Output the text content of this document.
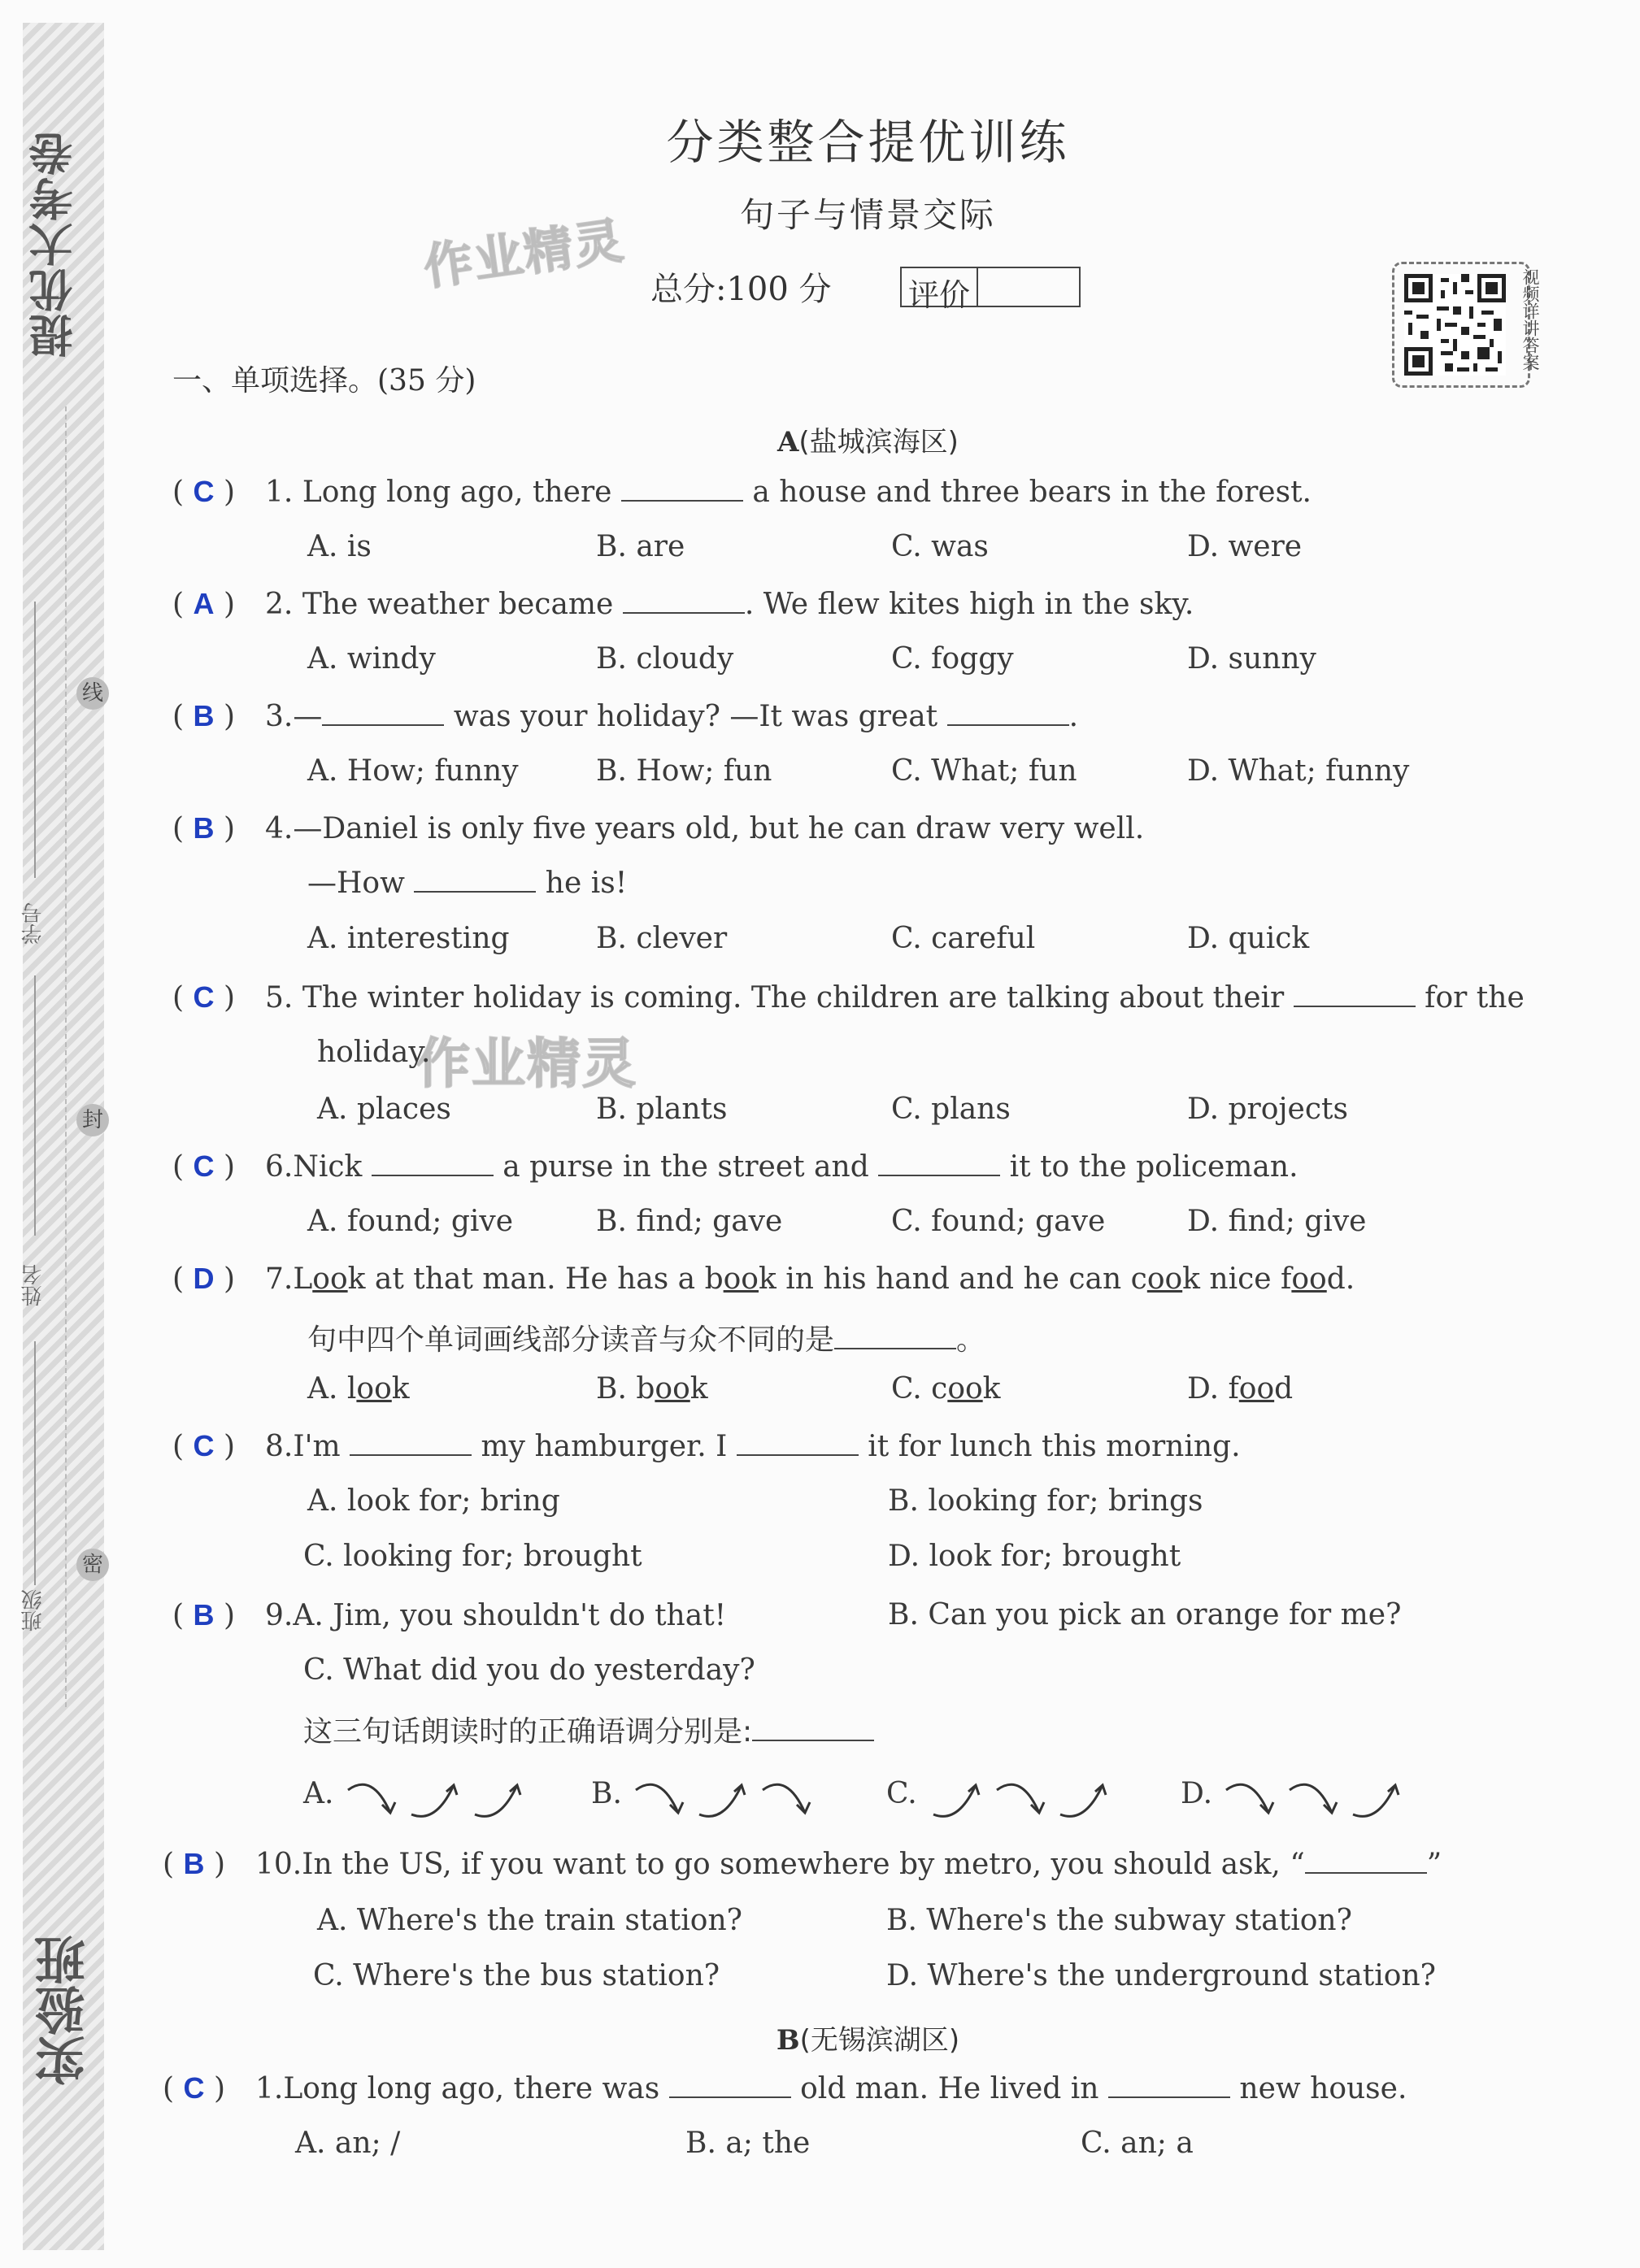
提优大考卷
实验班
线
封
密
学号
姓名
班级
分类整合提优训练
句子与情景交际
总分:100 分 评价
作业精灵
作业精灵
视频详讲答案
一、单项选择。(35 分)
A(盐城滨海区)
( C ) 1. Long long ago, there	a house and three bears in the forest.
A. is	B. are	C. was	D. were
( A ) 2. The weather became	. We flew kites high in the sky.
A. windy	B. cloudy	C. foggy	D. sunny
( B ) 3.—	was your holiday? —It was great	.
A. How; funny	B. How; fun	C. What; fun	D. What; funny
( B ) 4.—Daniel is only five years old, but he can draw very well.
—How	he is!
A. interesting	B. clever	C. careful	D. quick
( C ) 5. The winter holiday is coming. The children are talking about their	for the
holiday.
A. places	B. plants	C. plans	D. projects
( C ) 6.Nick	a purse in the street and	it to the policeman.
A. found; give	B. find; gave	C. found; gave	D. find; give
( D ) 7.Look at that man. He has a book in his hand and he can cook nice food.
句中四个单词画线部分读音与众不同的是	。
A. look	B. book	C. cook	D. food
( C ) 8.I'm	my hamburger. I	it for lunch this morning.
A. look for; bring	B. looking for; brings
C. looking for; brought	D. look for; brought
( B ) 9.A. Jim, you shouldn't do that!	B. Can you pick an orange for me?
C. What did you do yesterday?
这三句话朗读时的正确语调分别是:
A.	B.	C.	D.
( B ) 10.In the US, if you want to go somewhere by metro, you should ask, “	”
A. Where's the train station?	B. Where's the subway station?
C. Where's the bus station?	D. Where's the underground station?
B(无锡滨湖区)
( C ) 1.Long long ago, there was	old man. He lived in	new house.
A. an; /	B. a; the	C. an; a
